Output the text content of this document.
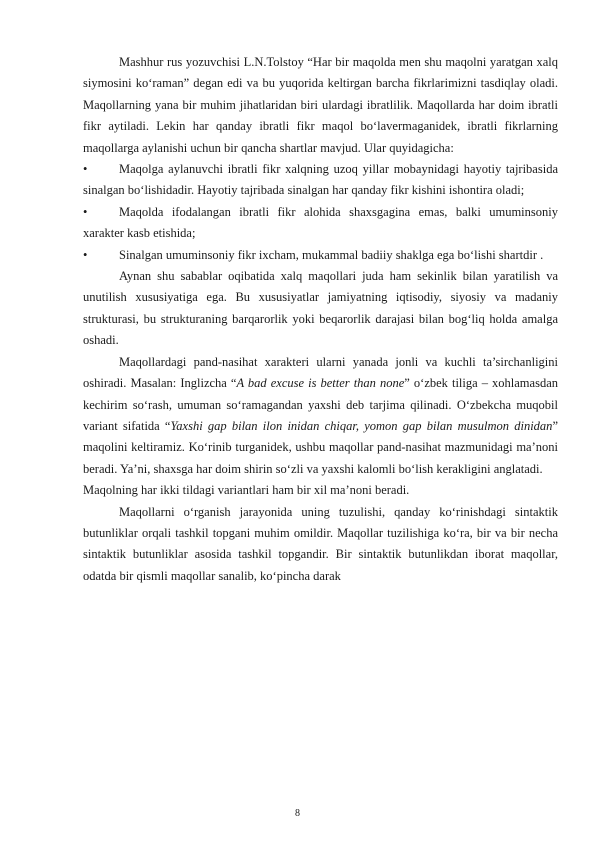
Mashhur rus yozuvchisi L.N.Tolstoy “Har bir maqolda men shu maqolni yaratgan xalq siymosini ko‘raman” degan edi va bu yuqorida keltirgan barcha fikrlarimizni tasdiqlay oladi. Maqollarning yana bir muhim jihatlaridan biri ulardagi ibratlilik. Maqollarda har doim ibratli fikr aytiladi. Lekin har qanday ibratli fikr maqol bo‘lavermaganidek, ibratli fikrlarning maqollarga aylanishi uchun bir qancha shartlar mavjud. Ular quyidagicha:

•	Maqolga aylanuvchi ibratli fikr xalqning uzoq yillar mobaynidagi hayotiy tajribasida sinalgan bo‘lishidadir. Hayotiy tajribada sinalgan har qanday fikr kishini ishontira oladi;

•	Maqolda ifodalangan ibratli fikr alohida shaxsgagina emas, balki umuminsoniy xarakter kasb etishida;

•	Sinalgan umuminsoniy fikr ixcham, mukammal badiiy shaklga ega bo‘lishi shartdir .

Aynan shu sabablar oqibatida xalq maqollari juda ham sekinlik bilan yaratilish va unutilish xususiyatiga ega. Bu xususiyatlar jamiyatning iqtisodiy, siyosiy va madaniy strukturasi, bu strukturaning barqarorlik yoki beqarorlik darajasi bilan bog‘liq holda amalga oshadi.

Maqollardagi pand-nasihat xarakteri ularni yanada jonli va kuchli ta’sirchanligini oshiradi. Masalan: Inglizcha “A bad excuse is better than none” o‘zbek tiliga – xohlamasdan kechirim so‘rash, umuman so‘ramagandan yaxshi deb tarjima qilinadi. O‘zbekcha muqobil variant sifatida “Yaxshi gap bilan ilon inidan chiqar, yomon gap bilan musulmon dinidan” maqolini keltiramiz. Ko‘rinib turganidek, ushbu maqollar pand-nasihat mazmunidagi ma’noni beradi. Ya’ni, shaxsga har doim shirin so‘zli va yaxshi kalomli bo‘lish kerakligini anglatadi.

Maqolning har ikki tildagi variantlari ham bir xil ma’noni beradi.

Maqollarni o‘rganish jarayonida uning tuzulishi, qanday ko‘rinishdagi sintaktik butunliklar orqali tashkil topgani muhim omildir. Maqollar tuzilishiga ko‘ra, bir va bir necha sintaktik butunliklar asosida tashkil topgandir. Bir sintaktik butunlikdan iborat maqollar, odatda bir qismli maqollar sanalib, ko‘pincha darak

8
